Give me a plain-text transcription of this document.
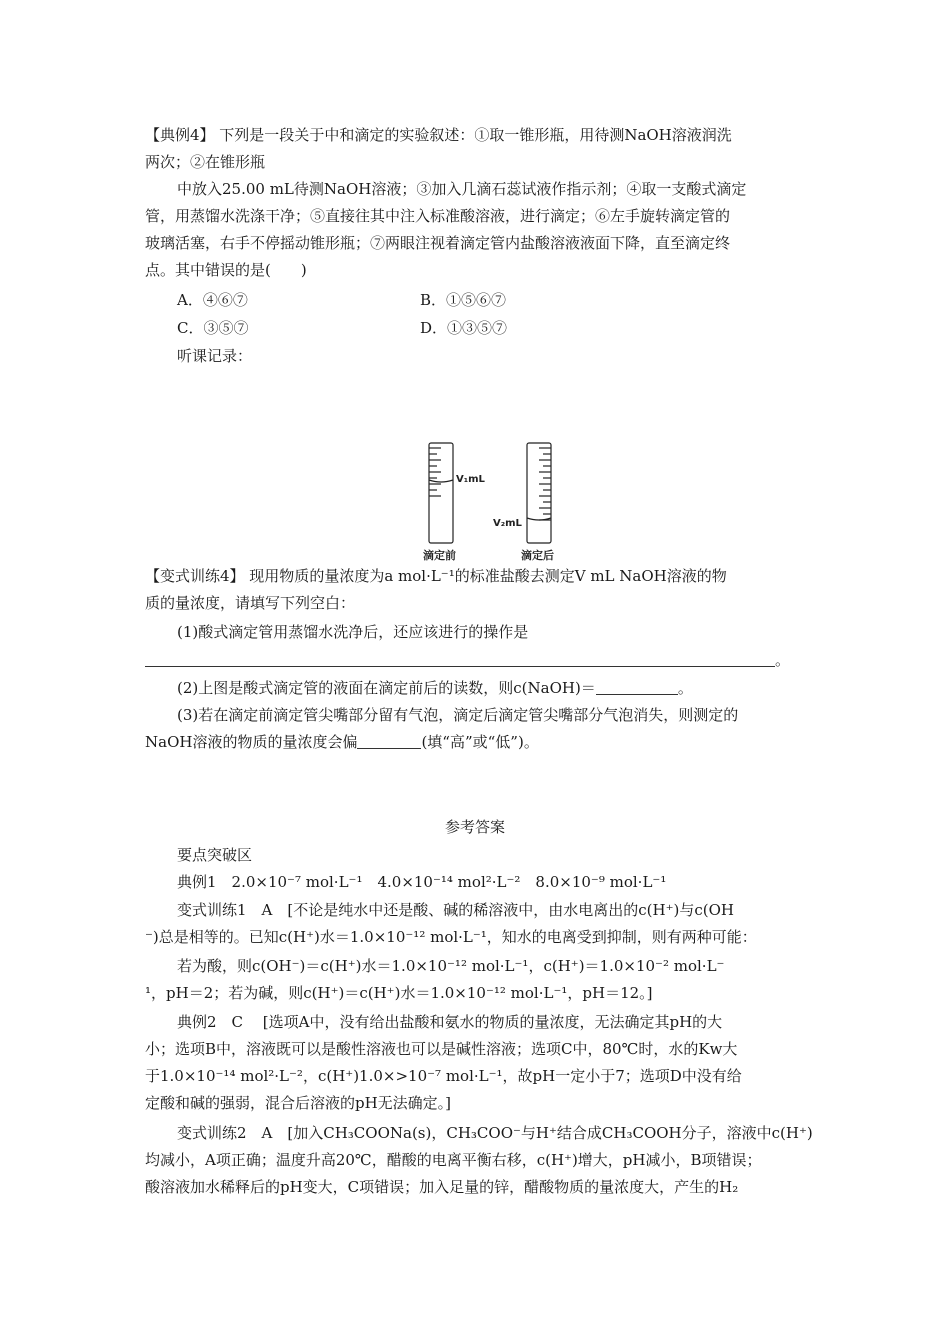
【典例4】 下列是一段关于中和滴定的实验叙述：①取一锥形瓶，用待测NaOH溶液润洗
两次；②在锥形瓶
中放入25.00 mL待测NaOH溶液；③加入几滴石蕊试液作指示剂；④取一支酸式滴定
管，用蒸馏水洗涤干净；⑤直接往其中注入标准酸溶液，进行滴定；⑥左手旋转滴定管的
玻璃活塞，右手不停摇动锥形瓶；⑦两眼注视着滴定管内盐酸溶液液面下降，直至滴定终
点。其中错误的是(　　)
A．④⑥⑦	B．①⑤⑥⑦
C．③⑤⑦	D．①③⑤⑦
听课记录：
V₁mL
V₂mL
滴定前	滴定后
【变式训练4】 现用物质的量浓度为a mol·L⁻¹的标准盐酸去测定V mL NaOH溶液的物
质的量浓度，请填写下列空白：
(1)酸式滴定管用蒸馏水洗净后，还应该进行的操作是
。
(2)上图是酸式滴定管的液面在滴定前后的读数，则c(NaOH)＝	。
(3)若在滴定前滴定管尖嘴部分留有气泡，滴定后滴定管尖嘴部分气泡消失，则测定的
NaOH溶液的物质的量浓度会偏	(填“高”或“低”)。
参考答案
要点突破区
典例1　2.0×10⁻⁷ mol·L⁻¹　4.0×10⁻¹⁴ mol²·L⁻²　8.0×10⁻⁹ mol·L⁻¹
变式训练1　A　[不论是纯水中还是酸、碱的稀溶液中，由水电离出的c(H⁺)与c(OH
⁻)总是相等的。已知c(H⁺)水＝1.0×10⁻¹² mol·L⁻¹，知水的电离受到抑制，则有两种可能：
若为酸，则c(OH⁻)＝c(H⁺)水＝1.0×10⁻¹² mol·L⁻¹，c(H⁺)＝1.0×10⁻² mol·L⁻
¹，pH＝2；若为碱，则c(H⁺)＝c(H⁺)水＝1.0×10⁻¹² mol·L⁻¹，pH＝12。]
典例2　C　 [选项A中，没有给出盐酸和氨水的物质的量浓度，无法确定其pH的大
小；选项B中，溶液既可以是酸性溶液也可以是碱性溶液；选项C中，80℃时，水的Kw大
于1.0×10⁻¹⁴ mol²·L⁻²，c(H⁺)1.0×>10⁻⁷ mol·L⁻¹，故pH一定小于7；选项D中没有给
定酸和碱的强弱，混合后溶液的pH无法确定。]
变式训练2　A　[加入CH₃COONa(s)，CH₃COO⁻与H⁺结合成CH₃COOH分子，溶液中c(H⁺)
均减小，A项正确；温度升高20℃，醋酸的电离平衡右移，c(H⁺)增大，pH减小，B项错误；
酸溶液加水稀释后的pH变大，C项错误；加入足量的锌，醋酸物质的量浓度大，产生的H₂
